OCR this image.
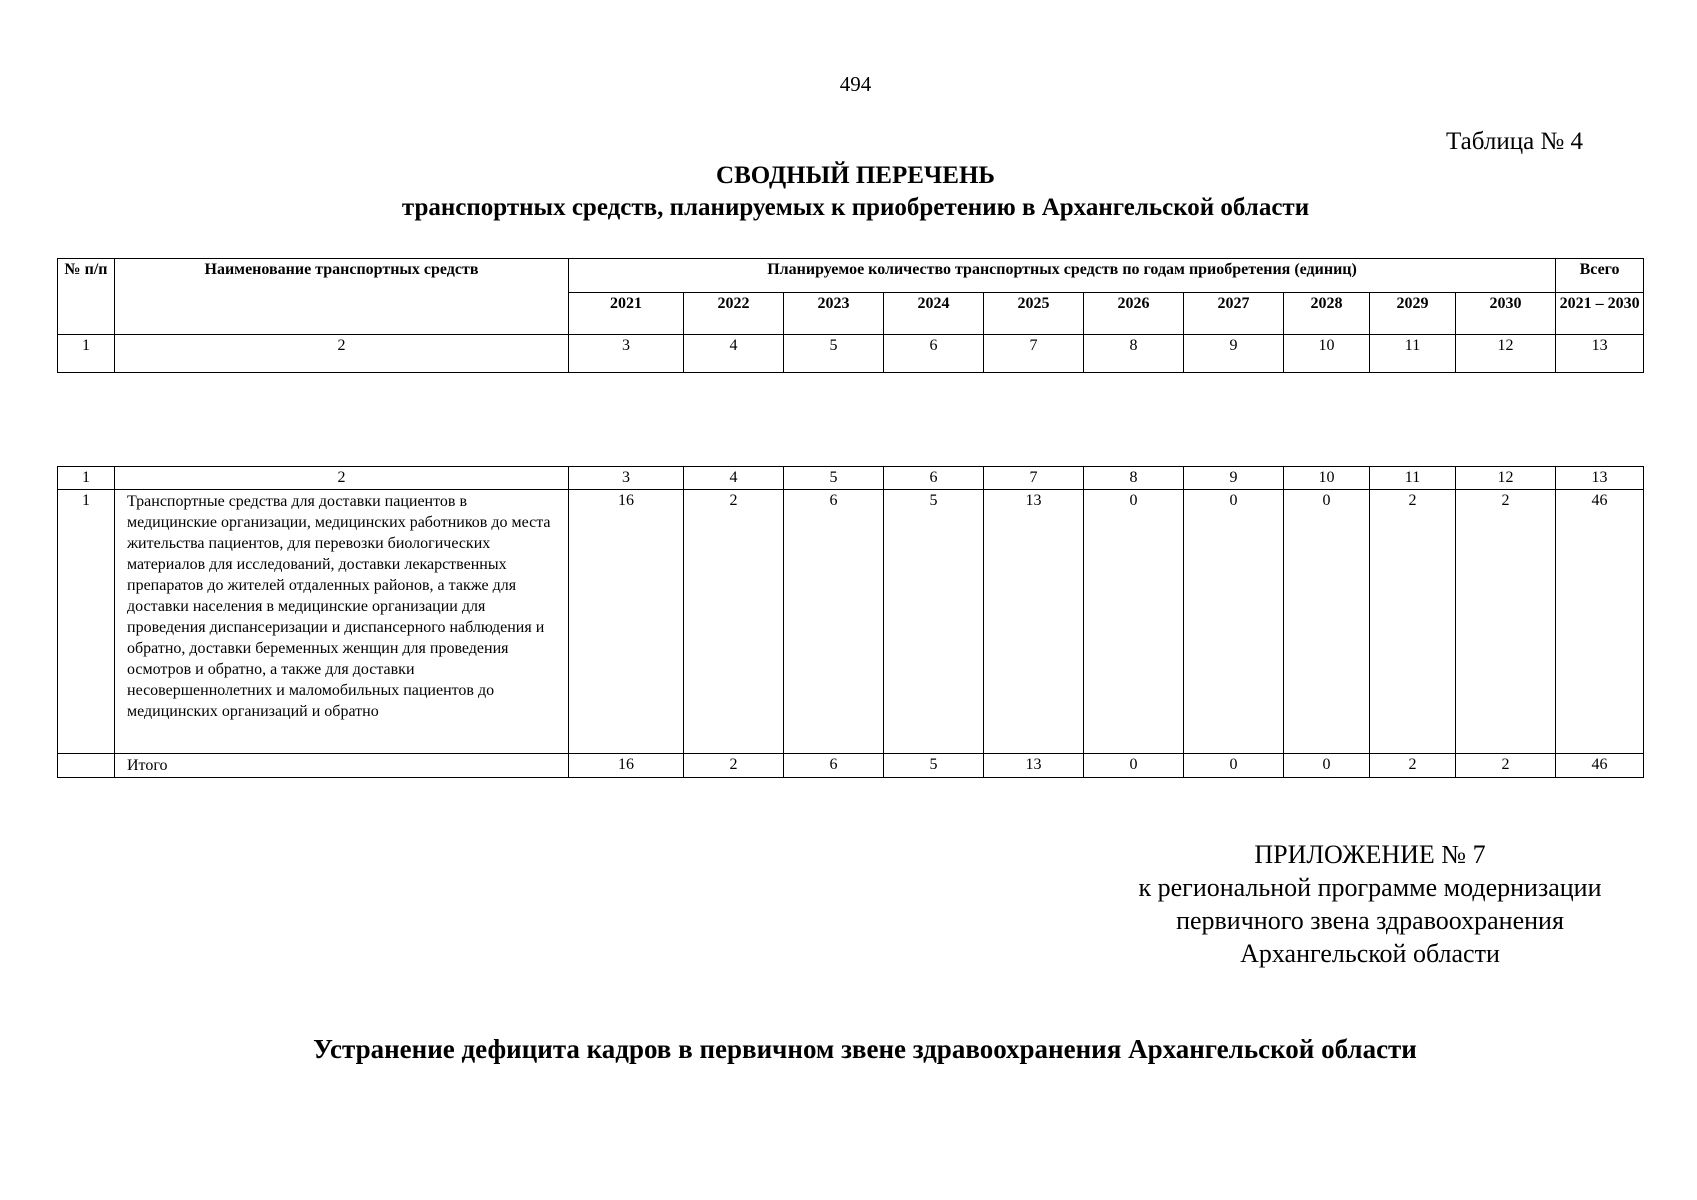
494
Таблица № 4
СВОДНЫЙ ПЕРЕЧЕНЬ
транспортных средств, планируемых к приобретению в Архангельской области
№ п/п	Наименование транспортных средств	Планируемое количество транспортных средств по годам приобретения (единиц)										Всего
		2021	2022	2023	2024	2025	2026	2027	2028	2029	2030	2021 – 2030
1	2	3	4	5	6	7	8	9	10	11	12	13
1	2	3	4	5	6	7	8	9	10	11	12	13
1	Транспортные средства для доставки пациентов в медицинские организации, медицинских работников до места жительства пациентов, для перевозки биологических материалов для исследований, доставки лекарственных препаратов до жителей отдаленных районов, а также для доставки населения в медицинские организации для проведения диспансеризации и диспансерного наблюдения и обратно, доставки беременных женщин для проведения осмотров и обратно, а также для доставки несовершеннолетних и маломобильных пациентов до медицинских организаций и обратно	16	2	6	5	13	0	0	0	2	2	46
	Итого	16	2	6	5	13	0	0	0	2	2	46
ПРИЛОЖЕНИЕ № 7
к региональной программе модернизации
первичного звена здравоохранения
Архангельской области
Устранение дефицита кадров в первичном звене здравоохранения Архангельской области
